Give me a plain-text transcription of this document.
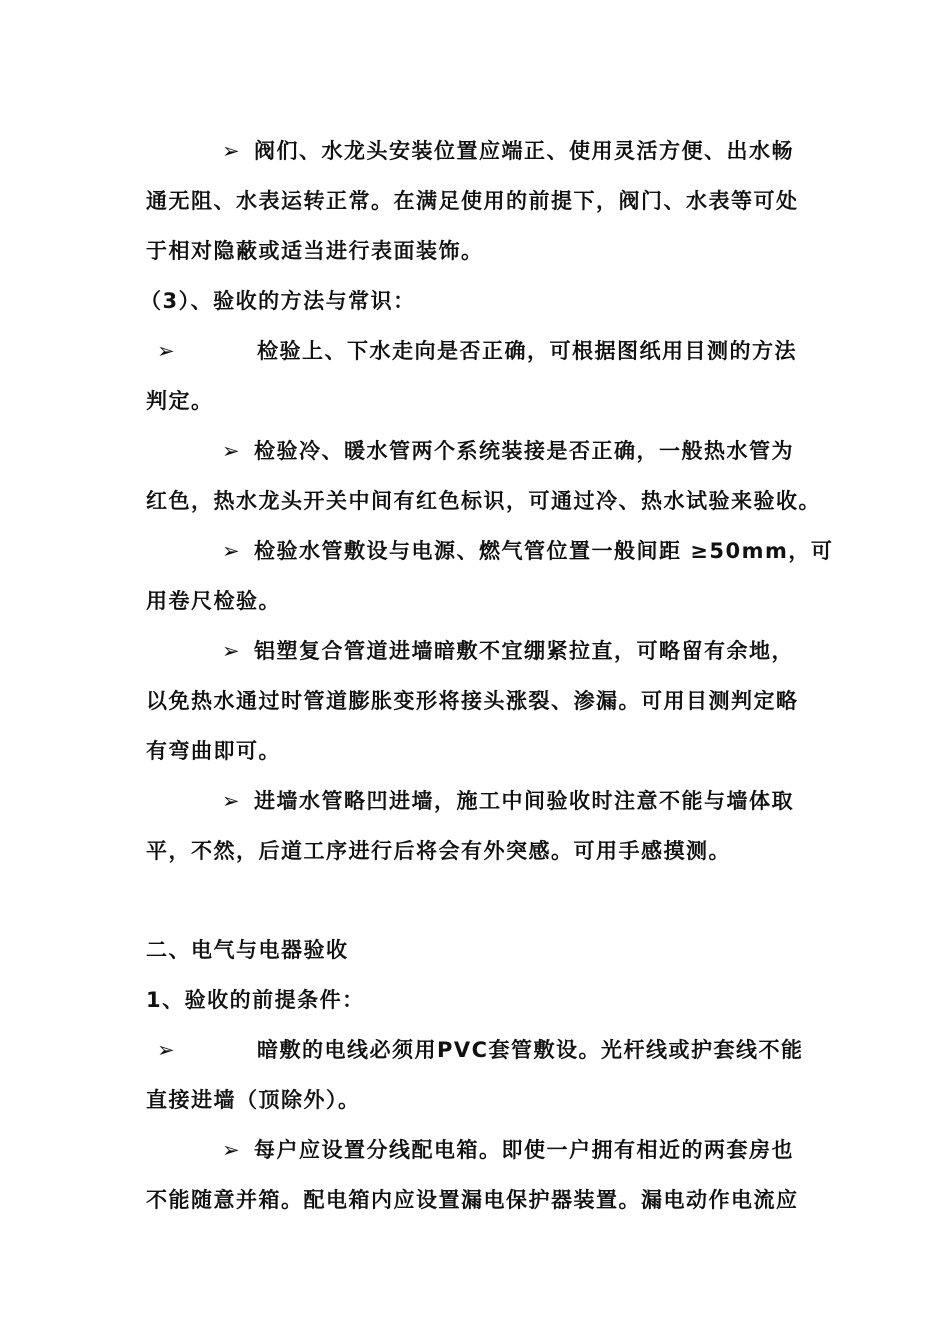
➢ 阀们、水龙头安装位置应端正、使用灵活方便、出水畅
通无阻、水表运转正常。在满足使用的前提下，阀门、水表等可处
于相对隐蔽或适当进行表面装饰。
（3）、验收的方法与常识：
➢	检验上、下水走向是否正确，可根据图纸用目测的方法
判定。
➢ 检验冷、暖水管两个系统装接是否正确，一般热水管为
红色，热水龙头开关中间有红色标识，可通过冷、热水试验来验收。
➢ 检验水管敷设与电源、燃气管位置一般间距 ≥50mm，可
用卷尺检验。
➢ 铝塑复合管道进墙暗敷不宜绷紧拉直，可略留有余地，
以免热水通过时管道膨胀变形将接头涨裂、渗漏。可用目测判定略
有弯曲即可。
➢ 进墙水管略凹进墙，施工中间验收时注意不能与墙体取
平，不然，后道工序进行后将会有外突感。可用手感摸测。
二、电气与电器验收
1、验收的前提条件：
➢	暗敷的电线必须用PVC套管敷设。光杆线或护套线不能
直接进墙（顶除外）。
➢ 每户应设置分线配电箱。即使一户拥有相近的两套房也
不能随意并箱。配电箱内应设置漏电保护器装置。漏电动作电流应
